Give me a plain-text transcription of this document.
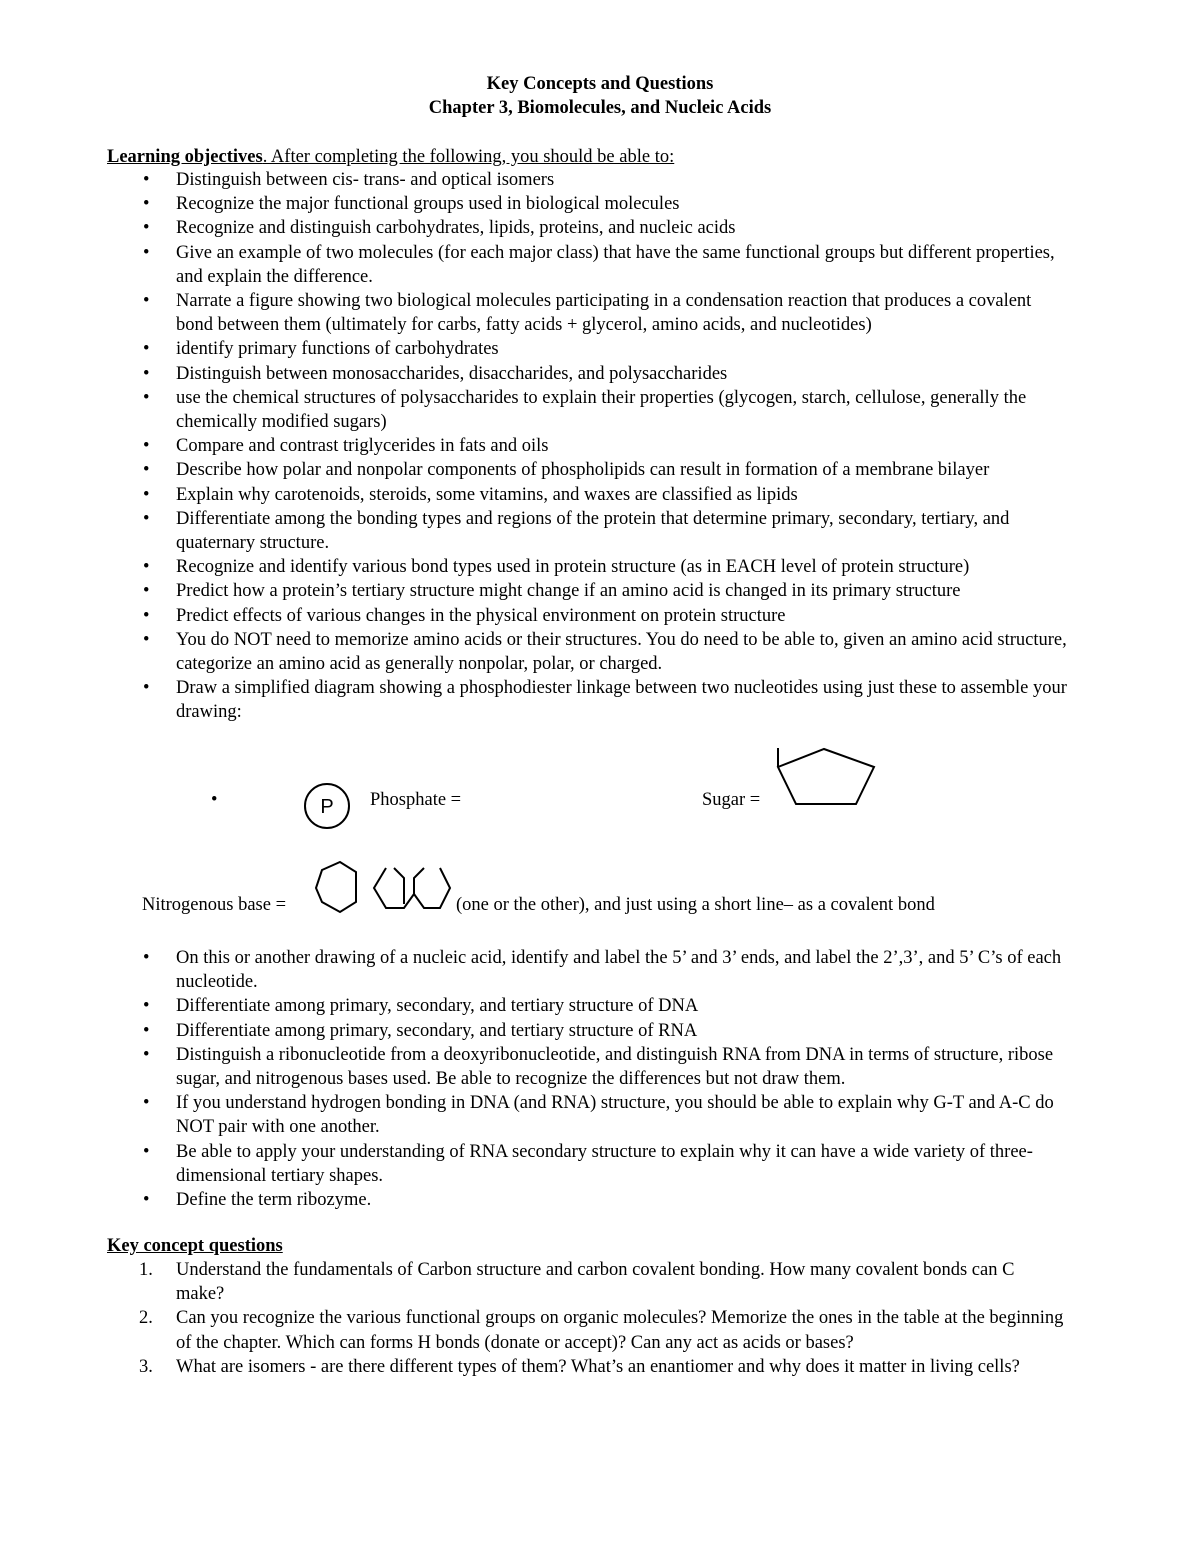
Key Concepts and Questions
Chapter 3, Biomolecules, and Nucleic Acids
Learning objectives. After completing the following, you should be able to:
• Distinguish between cis- trans- and optical isomers
• Recognize the major functional groups used in biological molecules
• Recognize and distinguish carbohydrates, lipids, proteins, and nucleic acids
• Give an example of two molecules (for each major class) that have the same functional groups but different properties, and explain the difference.
• Narrate a figure showing two biological molecules participating in a condensation reaction that produces a covalent bond between them (ultimately for carbs, fatty acids + glycerol, amino acids, and nucleotides)
• identify primary functions of carbohydrates
• Distinguish between monosaccharides, disaccharides, and polysaccharides
• use the chemical structures of polysaccharides to explain their properties (glycogen, starch, cellulose, generally the chemically modified sugars)
• Compare and contrast triglycerides in fats and oils
• Describe how polar and nonpolar components of phospholipids can result in formation of a membrane bilayer
• Explain why carotenoids, steroids, some vitamins, and waxes are classified as lipids
• Differentiate among the bonding types and regions of the protein that determine primary, secondary, tertiary, and quaternary structure.
• Recognize and identify various bond types used in protein structure (as in EACH level of protein structure)
• Predict how a protein’s tertiary structure might change if an amino acid is changed in its primary structure
• Predict effects of various changes in the physical environment on protein structure
• You do NOT need to memorize amino acids or their structures. You do need to be able to, given an amino acid structure, categorize an amino acid as generally nonpolar, polar, or charged.
• Draw a simplified diagram showing a phosphodiester linkage between two nucleotides using just these to assemble your drawing:
P
•	Phosphate =	Sugar =
Nitrogenous base =	(one or the other), and just using a short line– as a covalent bond
• On this or another drawing of a nucleic acid, identify and label the 5’ and 3’ ends, and label the 2’,3’, and 5’ C’s of each nucleotide.
• Differentiate among primary, secondary, and tertiary structure of DNA
• Differentiate among primary, secondary, and tertiary structure of RNA
• Distinguish a ribonucleotide from a deoxyribonucleotide, and distinguish RNA from DNA in terms of structure, ribose sugar, and nitrogenous bases used. Be able to recognize the differences but not draw them.
• If you understand hydrogen bonding in DNA (and RNA) structure, you should be able to explain why G-T and A-C do NOT pair with one another.
• Be able to apply your understanding of RNA secondary structure to explain why it can have a wide variety of three-dimensional tertiary shapes.
• Define the term ribozyme.
Key concept questions
1. Understand the fundamentals of Carbon structure and carbon covalent bonding. How many covalent bonds can C make?
2. Can you recognize the various functional groups on organic molecules? Memorize the ones in the table at the beginning of the chapter. Which can forms H bonds (donate or accept)? Can any act as acids or bases?
3. What are isomers - are there different types of them? What’s an enantiomer and why does it matter in living cells?
